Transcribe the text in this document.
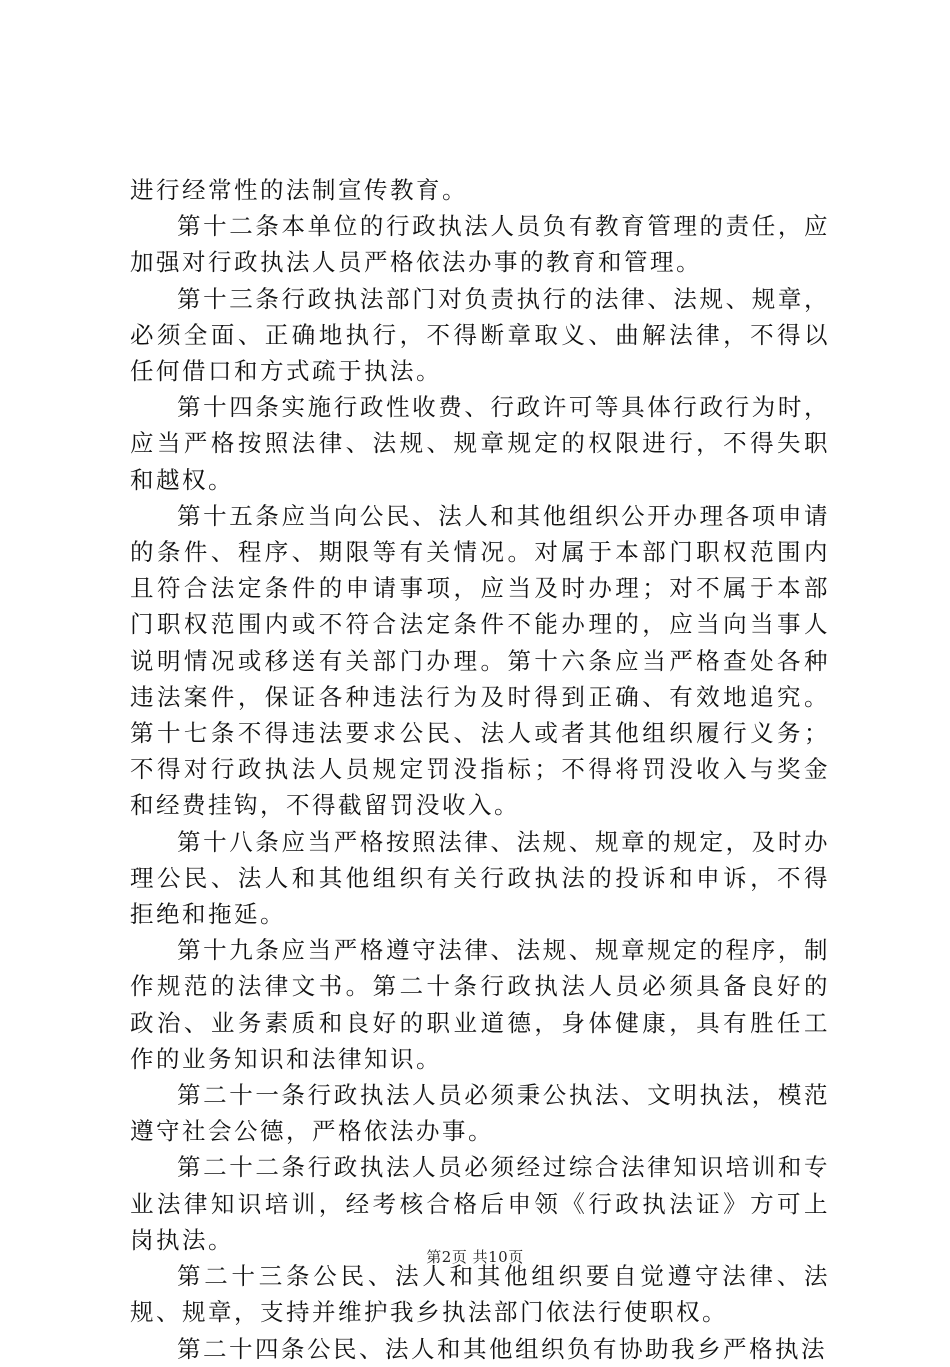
进行经常性的法制宣传教育。

第十二条本单位的行政执法人员负有教育管理的责任，应加强对行政执法人员严格依法办事的教育和管理。

第十三条行政执法部门对负责执行的法律、法规、规章，必须全面、正确地执行，不得断章取义、曲解法律，不得以任何借口和方式疏于执法。

第十四条实施行政性收费、行政许可等具体行政行为时，应当严格按照法律、法规、规章规定的权限进行，不得失职和越权。

第十五条应当向公民、法人和其他组织公开办理各项申请的条件、程序、期限等有关情况。对属于本部门职权范围内且符合法定条件的申请事项，应当及时办理；对不属于本部门职权范围内或不符合法定条件不能办理的，应当向当事人说明情况或移送有关部门办理。第十六条应当严格查处各种违法案件，保证各种违法行为及时得到正确、有效地追究。第十七条不得违法要求公民、法人或者其他组织履行义务；不得对行政执法人员规定罚没指标；不得将罚没收入与奖金和经费挂钩，不得截留罚没收入。

第十八条应当严格按照法律、法规、规章的规定，及时办理公民、法人和其他组织有关行政执法的投诉和申诉，不得拒绝和拖延。

第十九条应当严格遵守法律、法规、规章规定的程序，制作规范的法律文书。第二十条行政执法人员必须具备良好的政治、业务素质和良好的职业道德，身体健康，具有胜任工作的业务知识和法律知识。

第二十一条行政执法人员必须秉公执法、文明执法，模范遵守社会公德，严格依法办事。

第二十二条行政执法人员必须经过综合法律知识培训和专业法律知识培训，经考核合格后申领《行政执法证》方可上岗执法。

第二十三条公民、法人和其他组织要自觉遵守法律、法规、规章，支持并维护我乡执法部门依法行使职权。

第二十四条公民、法人和其他组织负有协助我乡严格执法

第2页 共10页
